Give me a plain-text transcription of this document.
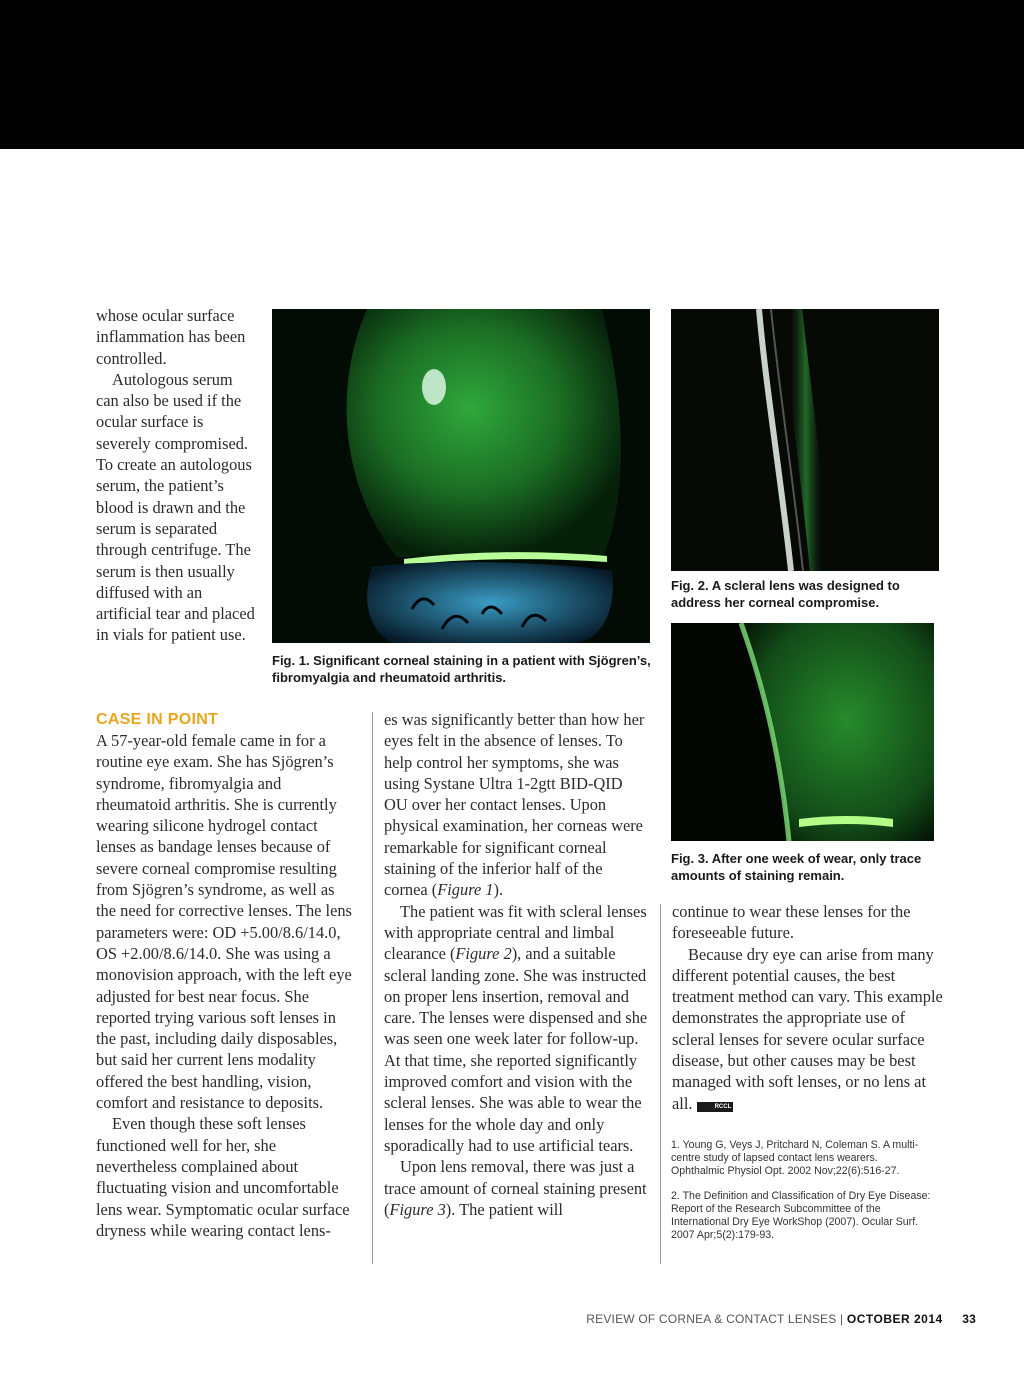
whose ocular surface inflammation has been controlled.

Autologous serum can also be used if the ocular surface is severely compromised. To create an autologous serum, the patient’s blood is drawn and the serum is separated through centrifuge. The serum is then usually diffused with an artificial tear and placed in vials for patient use.

Fig. 1. Significant corneal staining in a patient with Sjögren’s, fibromyalgia and rheumatoid arthritis.
Fig. 2. A scleral lens was designed to address her corneal compromise.
Fig. 3. After one week of wear, only trace amounts of staining remain.
CASE IN POINT

A 57-year-old female came in for a routine eye exam. She has Sjögren’s syndrome, fibromyalgia and rheumatoid arthritis. She is currently wearing silicone hydrogel contact lenses as bandage lenses because of severe corneal compromise resulting from Sjögren’s syndrome, as well as the need for corrective lenses. The lens parameters were: OD +5.00/8.6/14.0, OS +2.00/8.6/14.0. She was using a monovision approach, with the left eye adjusted for best near focus. She reported trying various soft lenses in the past, including daily disposables, but said her current lens modality offered the best handling, vision, comfort and resistance to deposits.

Even though these soft lenses functioned well for her, she nevertheless complained about fluctuating vision and uncomfortable lens wear. Symptomatic ocular surface dryness while wearing contact lens-

es was significantly better than how her eyes felt in the absence of lenses. To help control her symptoms, she was using Systane Ultra 1-2gtt BID-QID OU over her contact lenses. Upon physical examination, her corneas were remarkable for significant corneal staining of the inferior half of the cornea (Figure 1).

The patient was fit with scleral lenses with appropriate central and limbal clearance (Figure 2), and a suitable scleral landing zone. She was instructed on proper lens insertion, removal and care. The lenses were dispensed and she was seen one week later for follow-up. At that time, she reported significantly improved comfort and vision with the scleral lenses. She was able to wear the lenses for the whole day and only sporadically had to use artificial tears.

Upon lens removal, there was just a trace amount of corneal staining present (Figure 3). The patient will

continue to wear these lenses for the foreseeable future.

Because dry eye can arise from many different potential causes, the best treatment method can vary. This example demonstrates the appropriate use of scleral lenses for severe ocular surface disease, but other causes may be best managed with soft lenses, or no lens at all.	RCCL

1. Young G, Veys J, Pritchard N, Coleman S. A multi-centre study of lapsed contact lens wearers. Ophthalmic Physiol Opt. 2002 Nov;22(6):516-27.

2. The Definition and Classification of Dry Eye Disease: Report of the Research Subcommittee of the International Dry Eye WorkShop (2007). Ocular Surf. 2007 Apr;5(2):179-93.

REVIEW OF CORNEA & CONTACT LENSES | OCTOBER 2014 33
